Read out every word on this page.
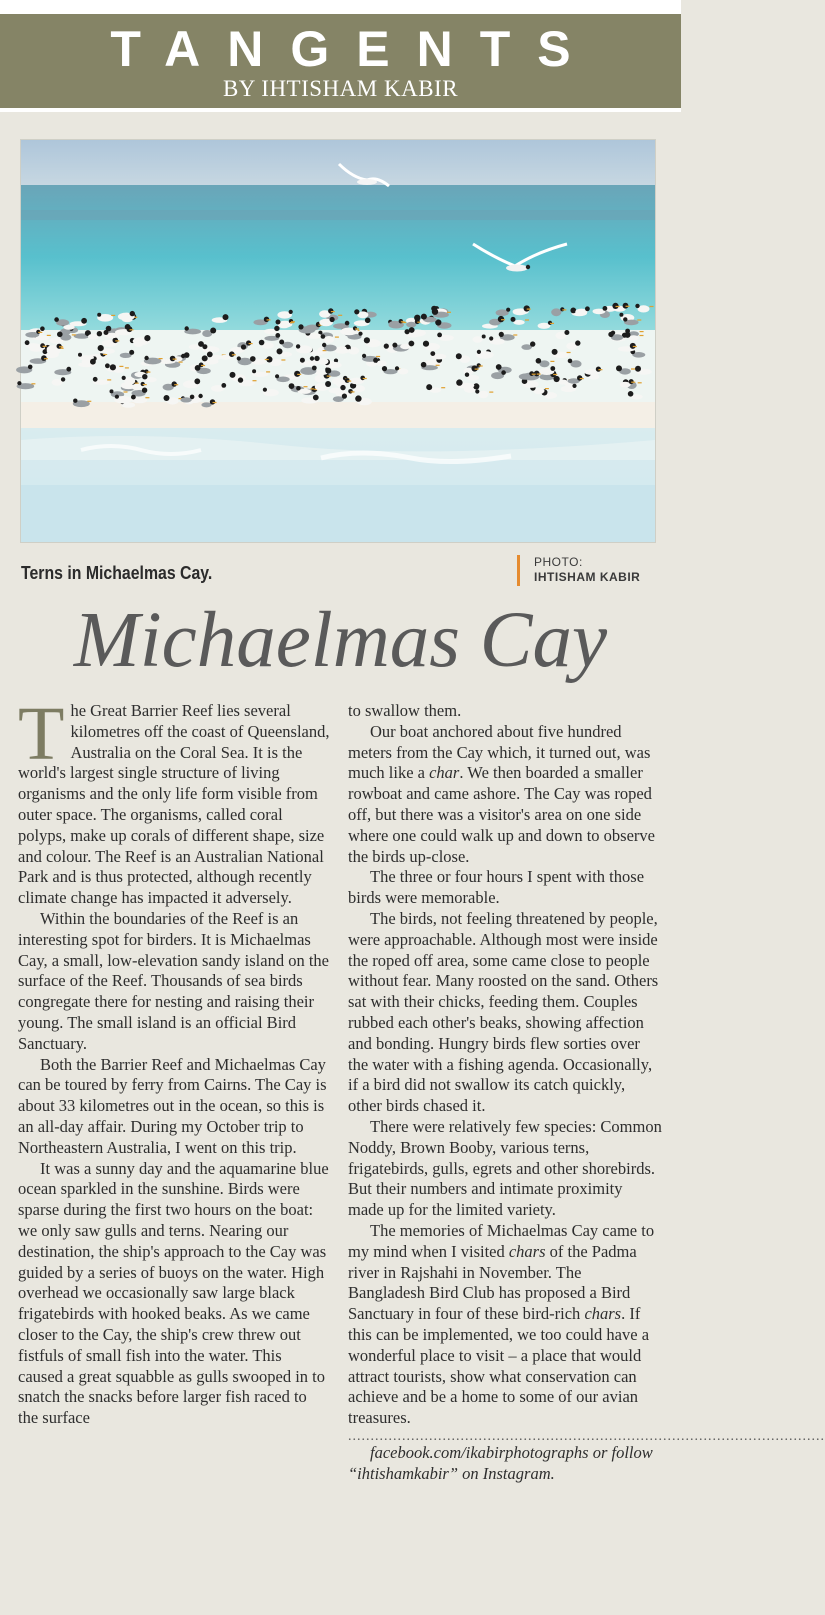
TANGENTS
BY IHTISHAM KABIR
Terns in Michaelmas Cay.
PHOTO:
IHTISHAM KABIR
Michaelmas Cay

The Great Barrier Reef lies several kilometres off the coast of Queensland, Australia on the Coral Sea. It is the world's largest single structure of living organisms and the only life form visible from outer space. The organisms, called coral polyps, make up corals of different shape, size and colour. The Reef is an Australian National Park and is thus protected, although recently climate change has impacted it adversely.

Within the boundaries of the Reef is an interesting spot for birders. It is Michaelmas Cay, a small, low-elevation sandy island on the surface of the Reef. Thousands of sea birds congregate there for nesting and raising their young. The small island is an official Bird Sanctuary.

Both the Barrier Reef and Michaelmas Cay can be toured by ferry from Cairns. The Cay is about 33 kilometres out in the ocean, so this is an all-day affair. During my October trip to Northeastern Australia, I went on this trip.

It was a sunny day and the aquamarine blue ocean sparkled in the sunshine. Birds were sparse during the first two hours on the boat: we only saw gulls and terns. Nearing our destination, the ship's approach to the Cay was guided by a series of buoys on the water. High overhead we occasionally saw large black frigatebirds with hooked beaks. As we came closer to the Cay, the ship's crew threw out fistfuls of small fish into the water. This caused a great squabble as gulls swooped in to snatch the snacks before larger fish raced to the surface

to swallow them.

Our boat anchored about five hundred meters from the Cay which, it turned out, was much like a char. We then boarded a smaller rowboat and came ashore. The Cay was roped off, but there was a visitor's area on one side where one could walk up and down to observe the birds up-close.

The three or four hours I spent with those birds were memorable.

The birds, not feeling threatened by people, were approachable. Although most were inside the roped off area, some came close to people without fear. Many roosted on the sand. Others sat with their chicks, feeding them. Couples rubbed each other's beaks, showing affection and bonding. Hungry birds flew sorties over the water with a fishing agenda. Occasionally, if a bird did not swallow its catch quickly, other birds chased it.

There were relatively few species: Common Noddy, Brown Booby, various terns, frigatebirds, gulls, egrets and other shorebirds. But their numbers and intimate proximity made up for the limited variety.

The memories of Michaelmas Cay came to my mind when I visited chars of the Padma river in Rajshahi in November. The Bangladesh Bird Club has proposed a Bird Sanctuary in four of these bird-rich chars. If this can be implemented, we too could have a wonderful place to visit – a place that would attract tourists, show what conservation can achieve and be a home to some of our avian treasures.

..........................................................................................................

facebook.com/ikabirphotographs or follow “ihtishamkabir” on Instagram.
